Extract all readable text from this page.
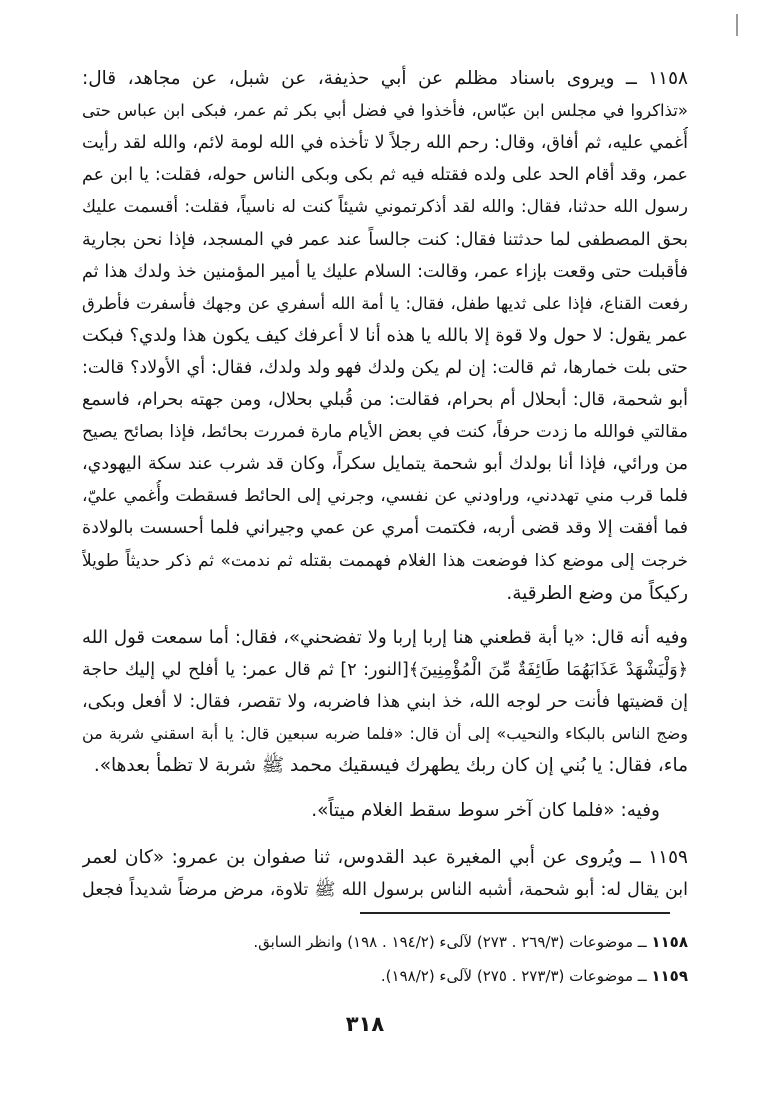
١١٥٨ ــ ويروى باسناد مظلم عن أبي حذيفة، عن شبل، عن مجاهد، قال:
«تذاكروا في مجلس ابن عبّاس، فأخذوا في فضل أبي بكر ثم عمر، فبكى ابن عباس حتى
أُغمي عليه، ثم أفاق، وقال: رحم الله رجلاً لا تأخذه في الله لومة لائم، والله لقد رأيت
عمر، وقد أقام الحد على ولده فقتله فيه ثم بكى وبكى الناس حوله، فقلت: يا ابن عم
رسول الله حدثنا، فقال: والله لقد أذكرتموني شيئاً كنت له ناسياً، فقلت: أقسمت عليك
بحق المصطفى لما حدثتنا فقال: كنت جالساً عند عمر في المسجد، فإذا نحن بجارية
فأقبلت حتى وقعت بإزاء عمر، وقالت: السلام عليك يا أمير المؤمنين خذ ولدك هذا ثم
رفعت القناع، فإذا على ثديها طفل، فقال: يا أمة الله أسفري عن وجهك فأسفرت فأطرق
عمر يقول: لا حول ولا قوة إلا بالله يا هذه أنا لا أعرفك كيف يكون هذا ولدي؟ فبكت
حتى بلت خمارها، ثم قالت: إن لم يكن ولدك فهو ولد ولدك، فقال: أي الأولاد؟ قالت:
أبو شحمة، قال: أبحلال أم بحرام، فقالت: من قُبلي بحلال، ومن جهته بحرام، فاسمع
مقالتي فوالله ما زدت حرفاً، كنت في بعض الأيام مارة فمررت بحائط، فإذا بصائح يصيح
من ورائي، فإذا أنا بولدك أبو شحمة يتمايل سكراً، وكان قد شرب عند سكة اليهودي،
فلما قرب مني تهددني، وراودني عن نفسي، وجرني إلى الحائط فسقطت وأُغمي عليّ،
فما أفقت إلا وقد قضى أربه، فكتمت أمري عن عمي وجيراني فلما أحسست بالولادة
خرجت إلى موضع كذا فوضعت هذا الغلام فهممت بقتله ثم ندمت» ثم ذكر حديثاً طويلاً
ركيكاً من وضع الطرقية.
وفيه أنه قال: «يا أبة قطعني هنا إربا إربا ولا تفضحني»، فقال: أما سمعت قول الله
﴿وَلْيَشْهَدْ عَذَابَهُمَا طَائِفَةٌ مِّنَ الْمُؤْمِنِينَ﴾[النور: ٢] ثم قال عمر: يا أفلح لي إليك حاجة
إن قضيتها فأنت حر لوجه الله، خذ ابني هذا فاضربه، ولا تقصر، فقال: لا أفعل وبكى،
وضج الناس بالبكاء والنحيب» إلى أن قال: «فلما ضربه سبعين قال: يا أبة اسقني شربة من
ماء، فقال: يا بُني إن كان ربك يطهرك فيسقيك محمد ﷺ شربة لا تظمأ بعدها».
وفيه: «فلما كان آخر سوط سقط الغلام ميتاً».
١١٥٩ ــ ويُروى عن أبي المغيرة عبد القدوس، ثنا صفوان بن عمرو: «كان لعمر
ابن يقال له: أبو شحمة، أشبه الناس برسول الله ﷺ تلاوة، مرض مرضاً شديداً فجعل
١١٥٨ ــ موضوعات (٢٦٩/٣ . ٢٧٣) لآلىء (١٩٤/٢ . ١٩٨) وانظر السابق.
١١٥٩ ــ موضوعات (٢٧٣/٣ . ٢٧٥) لآلىء (١٩٨/٢).
٣١٨
